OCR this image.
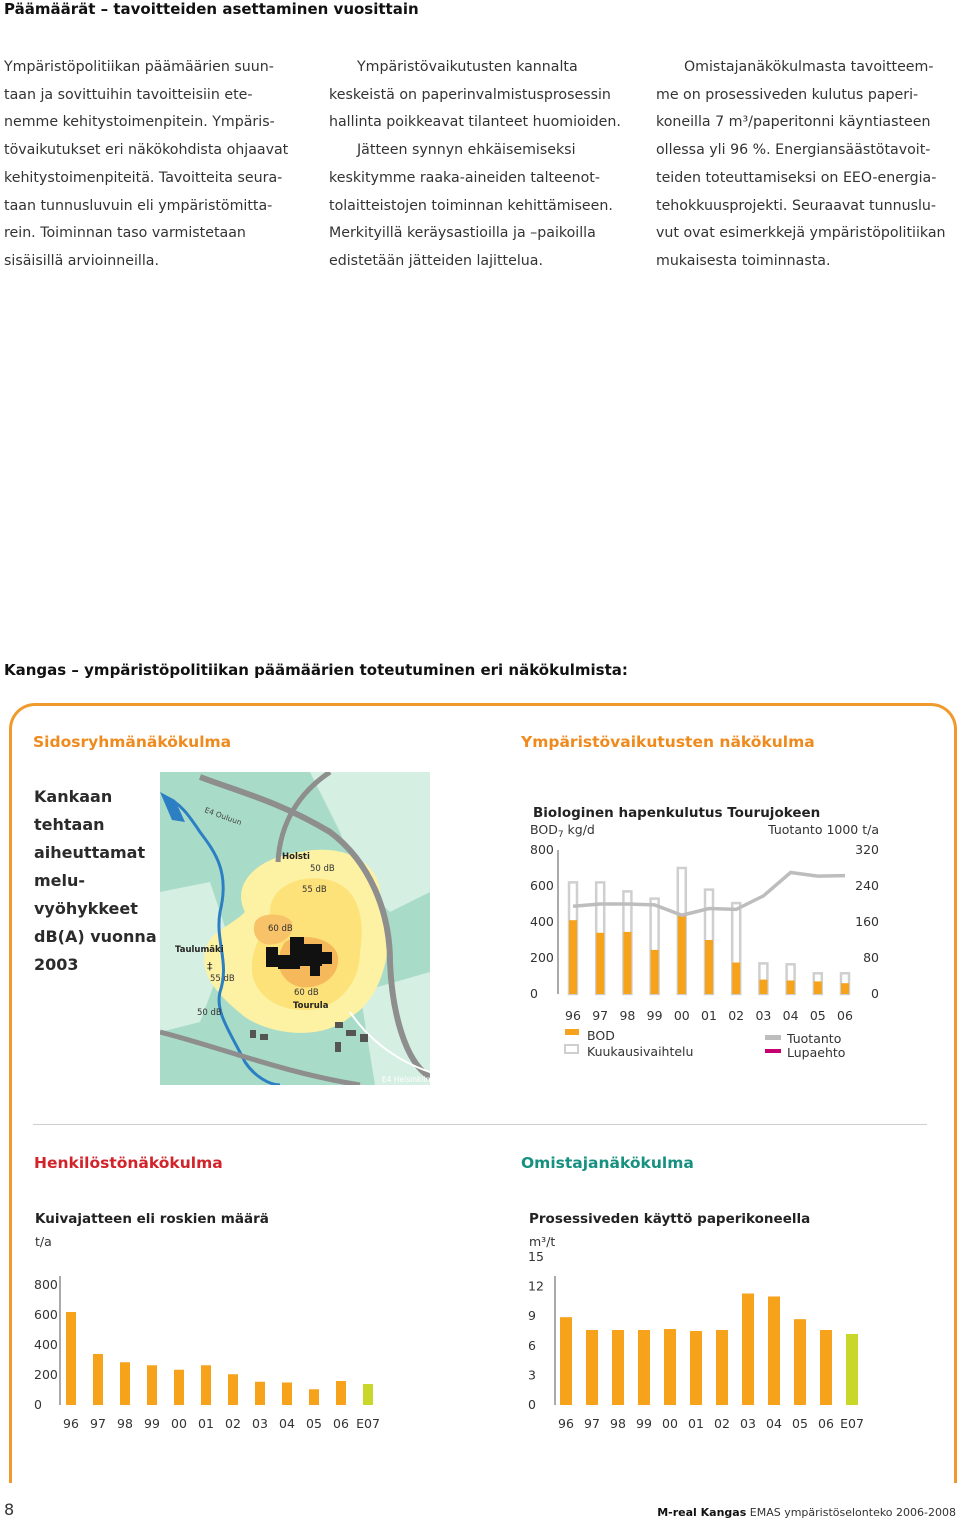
Päämäärät – tavoitteiden asettaminen vuosittain

Ympäristöpolitiikan päämäärien suun-

taan ja sovittuihin tavoitteisiin ete-

nemme kehitystoimenpitein. Ympäris-

tövaikutukset eri näkökohdista ohjaavat

kehitystoimenpiteitä. Tavoitteita seura-

taan tunnusluvuin eli ympäristömitta-

rein. Toiminnan taso varmistetaan

sisäisillä arvioinneilla.

Ympäristövaikutusten kannalta

keskeistä on paperinvalmistusprosessin

hallinta poikkeavat tilanteet huomioiden.

Jätteen synnyn ehkäisemiseksi

keskitymme raaka-aineiden talteenot-

tolaitteistojen toiminnan kehittämiseen.

Merkityillä keräysastioilla ja –paikoilla

edistetään jätteiden lajittelua.

Omistajanäkökulmasta tavoitteem-

me on prosessiveden kulutus paperi-

koneilla 7 m³/paperitonni käyntiasteen

ollessa yli 96 %. Energiansäästötavoit-

teiden toteuttamiseksi on EEO-energia-

tehokkuusprojekti. Seuraavat tunnuslu-

vut ovat esimerkkejä ympäristöpolitiikan

mukaisesta toiminnasta.

Kangas – ympäristöpolitiikan päämäärien toteutuminen eri näkökulmista:
Sidosryhmänäkökulma	Ympäristövaikutusten näkökulma
Kankaan
tehtaan
aiheuttamat
melu-
vyöhykkeet
dB(A) vuonna
2003
E4 Ouluun
E4 Helsinkiin
Holsti
Taulumäki
Tourula
50 dB
55 dB
60 dB
55 dB
50 dB
60 dB
‡
Biologinen hapenkulutus Tourujokeen
$BOD_7$ kg/d	Tuotanto 1000 t/a
800	320
600	240
400	160
200	80
0	0
96 97 98 99 00 01 02 03 04 05 06
BOD
Kuukausivaihtelu
Tuotanto
Lupaehto
Henkilöstönäkökulma	Omistajanäkökulma
Kuivajatteen eli roskien määrä
t/a
800
600
400
200
0
96 97 98 99 00 01 02 03 04 05 06 E07
Prosessiveden käyttö paperikoneella
m³/t
15
12
9
6
3
0
96 97 98 99 00 01 02 03 04 05 06 E07
8	M-real Kangas EMAS ympäristöselonteko 2006-2008
